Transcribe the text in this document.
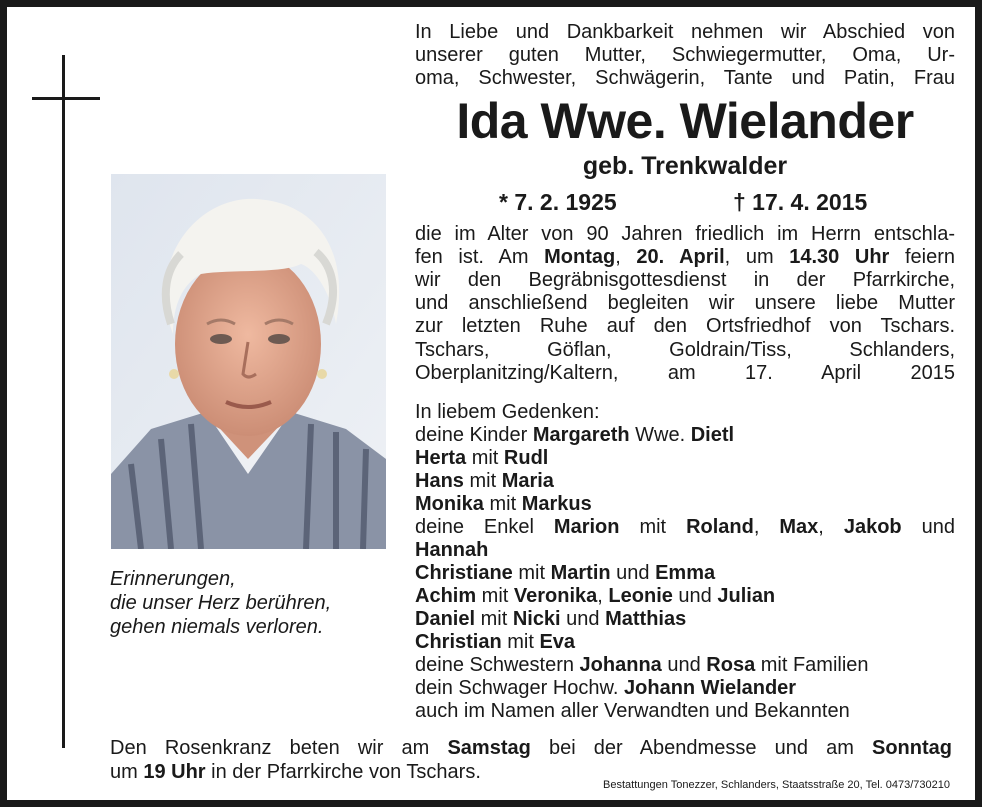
Erinnerungen,
die unser Herz berühren,
gehen niemals verloren.
In Liebe und Dankbarkeit nehmen wir Abschied von
unserer guten Mutter, Schwiegermutter, Oma, Ur-
oma, Schwester, Schwägerin, Tante und Patin, Frau
Ida Wwe. Wielander
geb. Trenkwalder
* 7. 2. 1925	† 17. 4. 2015
die im Alter von 90 Jahren friedlich im Herrn entschla-
fen ist. Am Montag, 20. April, um 14.30 Uhr feiern
wir den Begräbnisgottesdienst in der Pfarrkirche,
und anschließend begleiten wir unsere liebe Mutter
zur letzten Ruhe auf den Ortsfriedhof von Tschars.
Tschars, Göflan, Goldrain/Tiss, Schlanders,
Oberplanitzing/Kaltern, am 17. April 2015
In liebem Gedenken:
deine Kinder Margareth Wwe. Dietl
Herta mit Rudl
Hans mit Maria
Monika mit Markus
deine Enkel Marion mit Roland, Max, Jakob und
Hannah
Christiane mit Martin und Emma
Achim mit Veronika, Leonie und Julian
Daniel mit Nicki und Matthias
Christian mit Eva
deine Schwestern Johanna und Rosa mit Familien
dein Schwager Hochw. Johann Wielander
auch im Namen aller Verwandten und Bekannten
Den Rosenkranz beten wir am Samstag bei der Abendmesse und am Sonntag
um 19 Uhr in der Pfarrkirche von Tschars.
Bestattungen Tonezzer, Schlanders, Staatsstraße 20, Tel. 0473/730210
